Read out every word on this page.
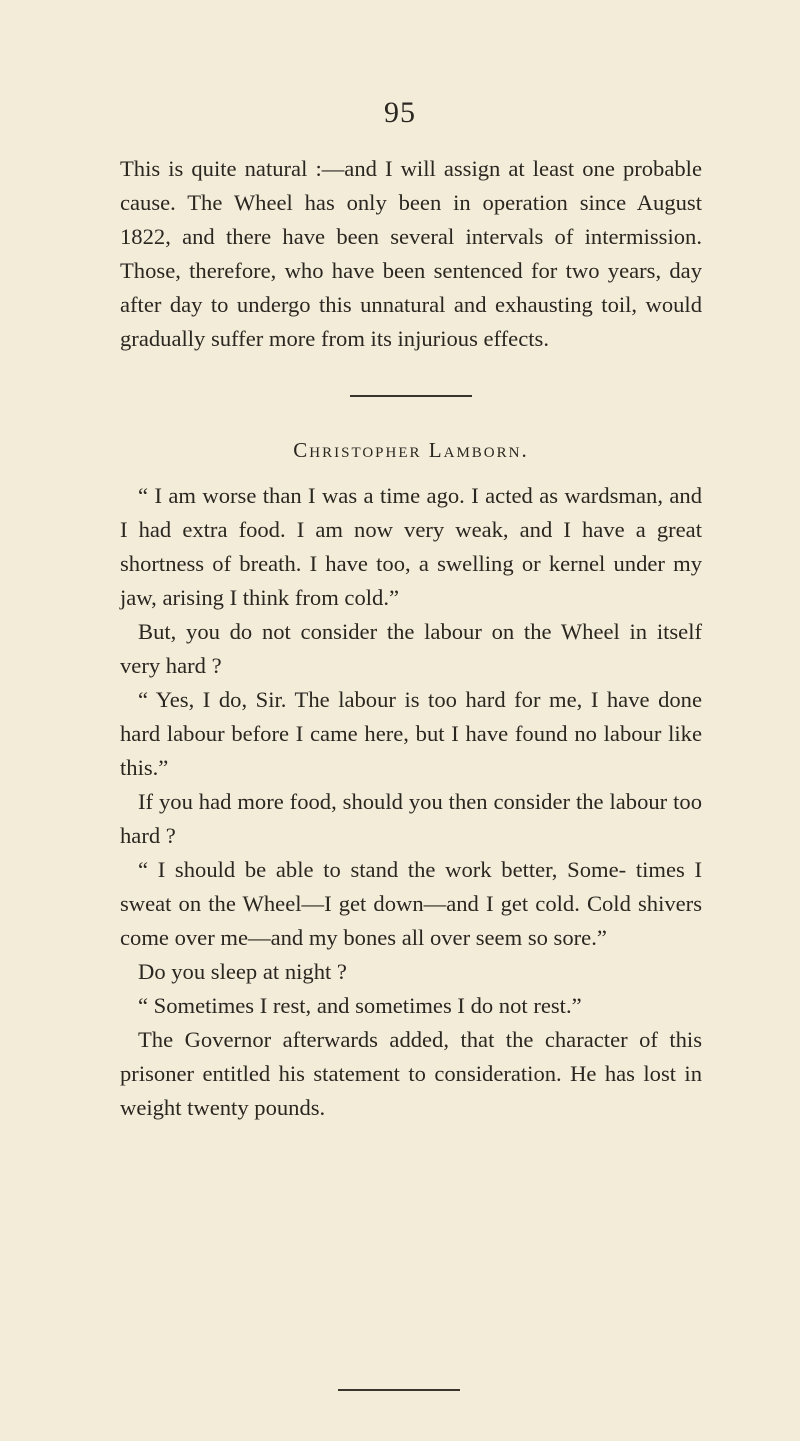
95

This is quite natural :—and I will assign at least one probable cause. The Wheel has only been in operation since August 1822, and there have been several intervals of intermission. Those, therefore, who have been sentenced for two years, day after day to undergo this unnatural and exhausting toil, would gradually suffer more from its injurious effects.

Christopher Lamborn.

“ I am worse than I was a time ago. I acted as wardsman, and I had extra food. I am now very weak, and I have a great shortness of breath. I have too, a swelling or kernel under my jaw, arising I think from cold.”

But, you do not consider the labour on the Wheel in itself very hard ?

“ Yes, I do, Sir. The labour is too hard for me, I have done hard labour before I came here, but I have found no labour like this.”

If you had more food, should you then consider the labour too hard ?

“ I should be able to stand the work better, Some- times I sweat on the Wheel—I get down—and I get cold. Cold shivers come over me—and my bones all over seem so sore.”

Do you sleep at night ?

“ Sometimes I rest, and sometimes I do not rest.”

The Governor afterwards added, that the character of this prisoner entitled his statement to consideration. He has lost in weight twenty pounds.
